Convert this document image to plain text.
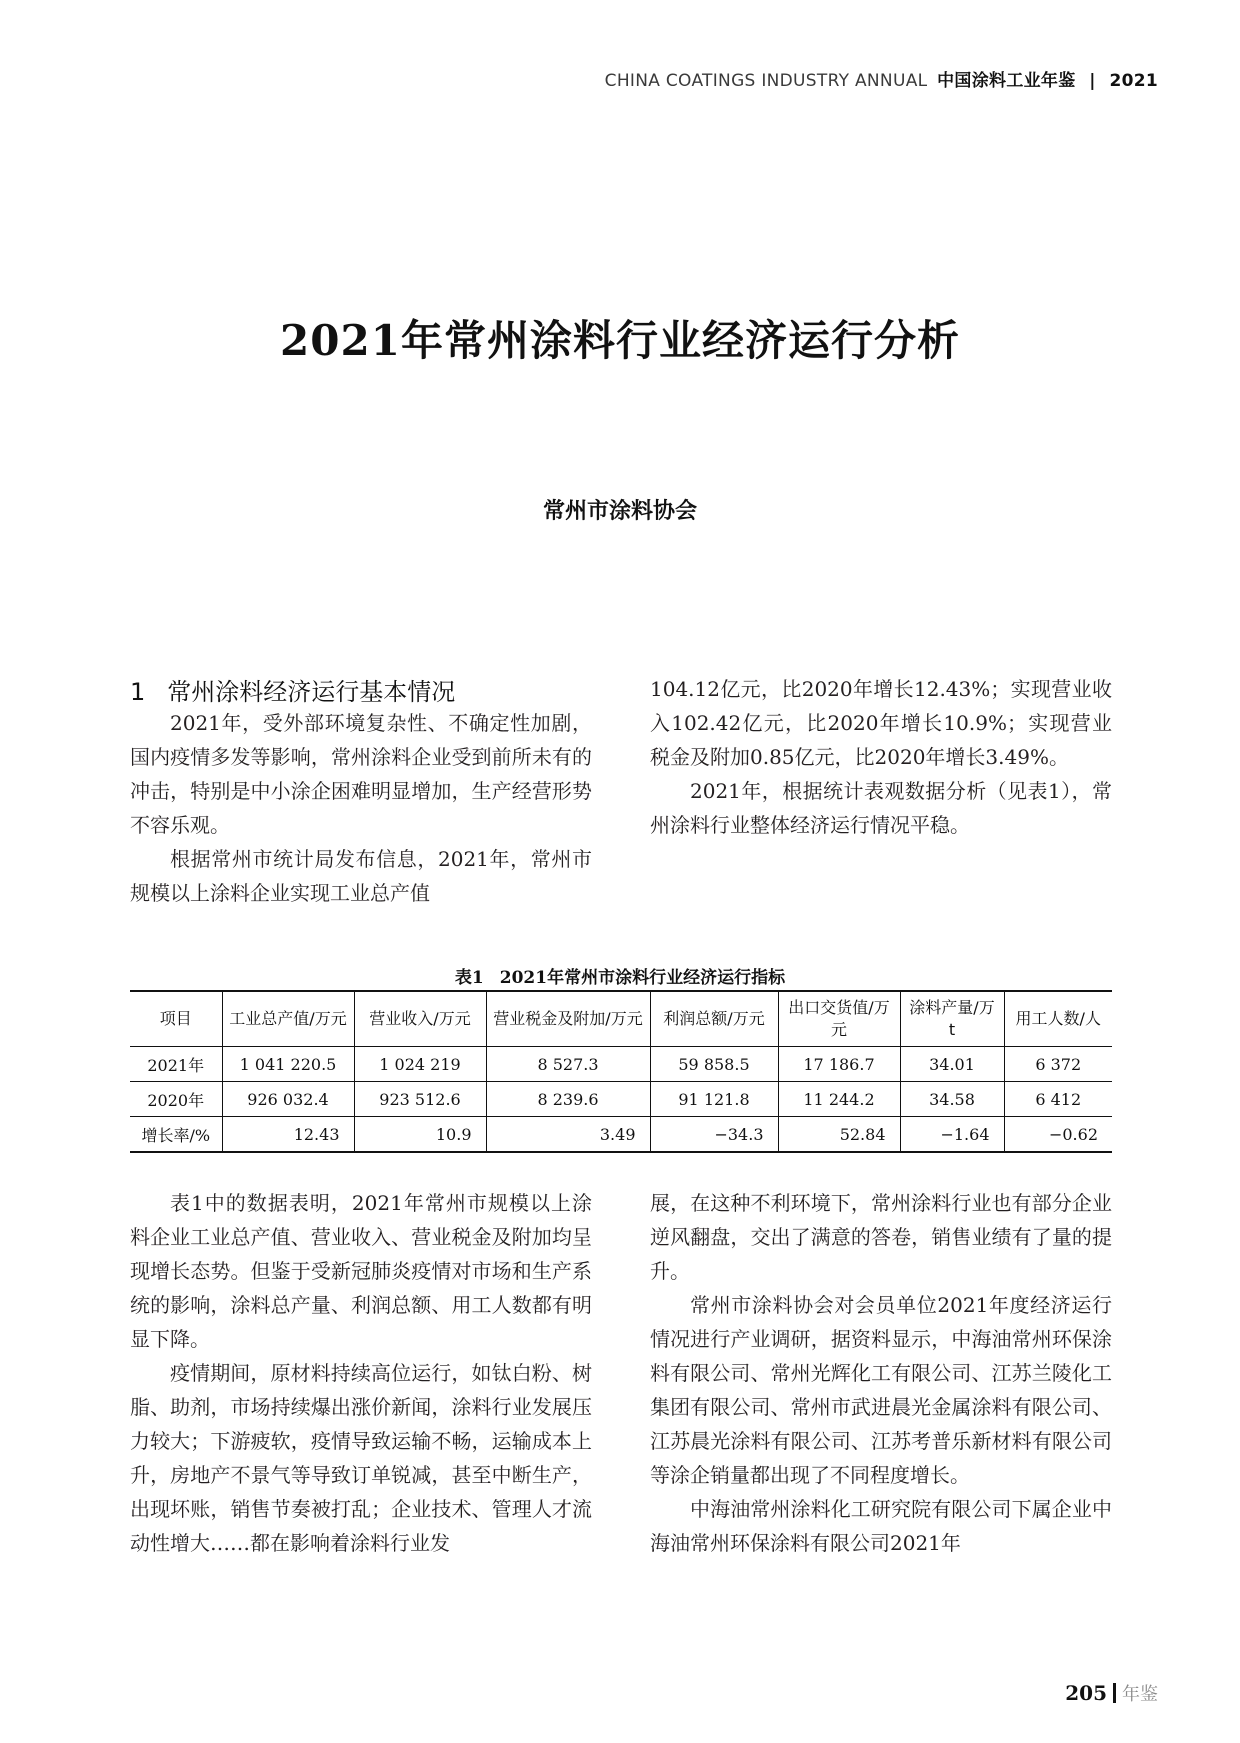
CHINA COATINGS INDUSTRY ANNUAL 中国涂料工业年鉴 | 2021
2021年常州涂料行业经济运行分析

常州市涂料协会

1 常州涂料经济运行基本情况

2021年，受外部环境复杂性、不确定性加剧，国内疫情多发等影响，常州涂料企业受到前所未有的冲击，特别是中小涂企困难明显增加，生产经营形势不容乐观。

根据常州市统计局发布信息，2021年，常州市规模以上涂料企业实现工业总产值

104.12亿元，比2020年增长12.43%；实现营业收入102.42亿元，比2020年增长10.9%；实现营业税金及附加0.85亿元，比2020年增长3.49%。

2021年，根据统计表观数据分析（见表1），常州涂料行业整体经济运行情况平稳。

表1 2021年常州市涂料行业经济运行指标

项目	工业总产值/万元	营业收入/万元	营业税金及附加/万元	利润总额/万元	出口交货值/万元	涂料产量/万t	用工人数/人
2021年	1 041 220.5	1 024 219	8 527.3	59 858.5	17 186.7	34.01	6 372
2020年	926 032.4	923 512.6	8 239.6	91 121.8	11 244.2	34.58	6 412
增长率/%	12.43	10.9	3.49	−34.3	52.84	−1.64	−0.62

表1中的数据表明，2021年常州市规模以上涂料企业工业总产值、营业收入、营业税金及附加均呈现增长态势。但鉴于受新冠肺炎疫情对市场和生产系统的影响，涂料总产量、利润总额、用工人数都有明显下降。

疫情期间，原材料持续高位运行，如钛白粉、树脂、助剂，市场持续爆出涨价新闻，涂料行业发展压力较大；下游疲软，疫情导致运输不畅，运输成本上升，房地产不景气等导致订单锐减，甚至中断生产，出现坏账，销售节奏被打乱；企业技术、管理人才流动性增大……都在影响着涂料行业发

展，在这种不利环境下，常州涂料行业也有部分企业逆风翻盘，交出了满意的答卷，销售业绩有了量的提升。

常州市涂料协会对会员单位2021年度经济运行情况进行产业调研，据资料显示，中海油常州环保涂料有限公司、常州光辉化工有限公司、江苏兰陵化工集团有限公司、常州市武进晨光金属涂料有限公司、江苏晨光涂料有限公司、江苏考普乐新材料有限公司等涂企销量都出现了不同程度增长。

中海油常州涂料化工研究院有限公司下属企业中海油常州环保涂料有限公司2021年

205 年鉴
